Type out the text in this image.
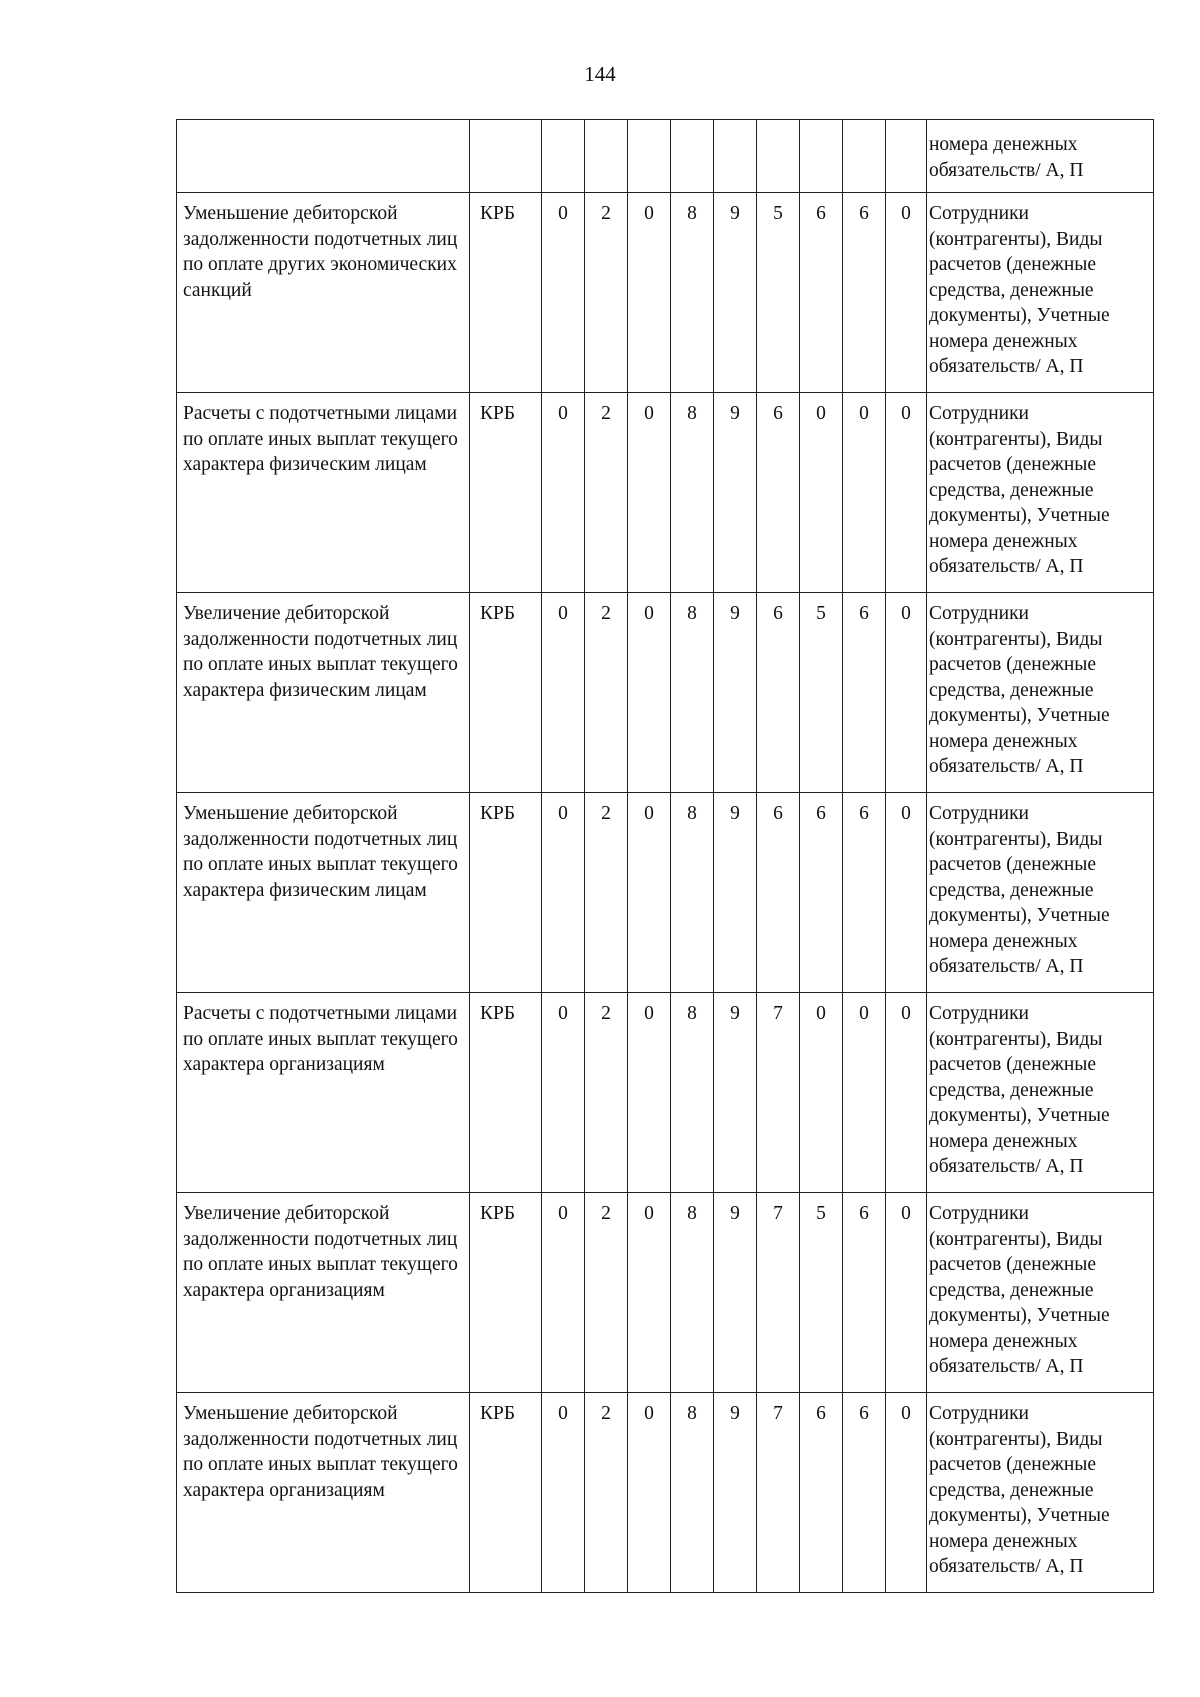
144
											номера денежных обязательств/ А, П
Уменьшение дебиторской задолженности подотчетных лиц по оплате других экономических санкций	КРБ	0	2	0	8	9	5	6	6	0	Сотрудники (контрагенты), Виды расчетов (денежные средства, денежные документы), Учетные номера денежных обязательств/ А, П
Расчеты с подотчетными лицами по оплате иных выплат текущего характера физическим лицам	КРБ	0	2	0	8	9	6	0	0	0	Сотрудники (контрагенты), Виды расчетов (денежные средства, денежные документы), Учетные номера денежных обязательств/ А, П
Увеличение дебиторской задолженности подотчетных лиц по оплате иных выплат текущего характера физическим лицам	КРБ	0	2	0	8	9	6	5	6	0	Сотрудники (контрагенты), Виды расчетов (денежные средства, денежные документы), Учетные номера денежных обязательств/ А, П
Уменьшение дебиторской задолженности подотчетных лиц по оплате иных выплат текущего характера физическим лицам	КРБ	0	2	0	8	9	6	6	6	0	Сотрудники (контрагенты), Виды расчетов (денежные средства, денежные документы), Учетные номера денежных обязательств/ А, П
Расчеты с подотчетными лицами по оплате иных выплат текущего характера организациям	КРБ	0	2	0	8	9	7	0	0	0	Сотрудники (контрагенты), Виды расчетов (денежные средства, денежные документы), Учетные номера денежных обязательств/ А, П
Увеличение дебиторской задолженности подотчетных лиц по оплате иных выплат текущего характера организациям	КРБ	0	2	0	8	9	7	5	6	0	Сотрудники (контрагенты), Виды расчетов (денежные средства, денежные документы), Учетные номера денежных обязательств/ А, П
Уменьшение дебиторской задолженности подотчетных лиц по оплате иных выплат текущего характера организациям	КРБ	0	2	0	8	9	7	6	6	0	Сотрудники (контрагенты), Виды расчетов (денежные средства, денежные документы), Учетные номера денежных обязательств/ А, П
